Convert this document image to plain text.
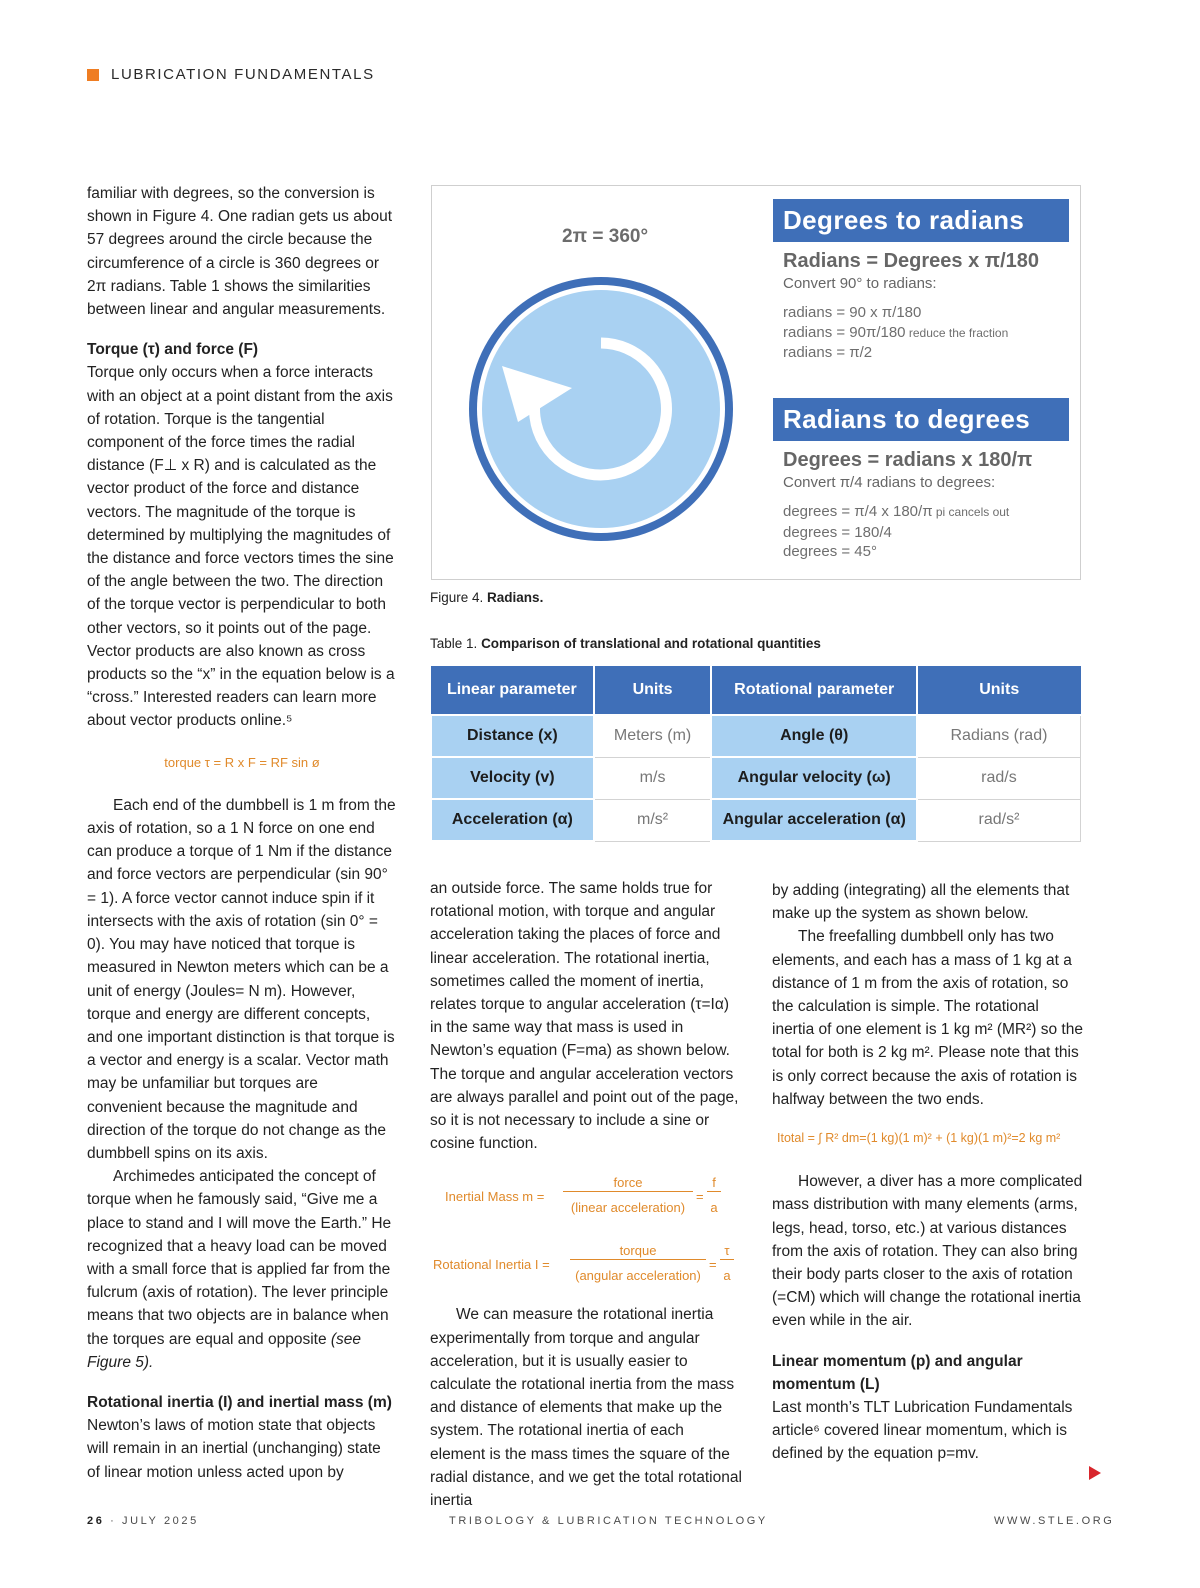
LUBRICATION FUNDAMENTALS

familiar with degrees, so the conversion is shown in Figure 4. One radian gets us about 57 degrees around the circle because the circumference of a circle is 360 degrees or 2π radians. Table 1 shows the similarities between linear and angular measurements.

Torque (τ) and force (F)

Torque only occurs when a force interacts with an object at a point distant from the axis of rotation. Torque is the tangential component of the force times the radial distance (F⊥ x R) and is calculated as the vector product of the force and distance vectors. The magnitude of the torque is determined by multiplying the magnitudes of the distance and force vectors times the sine of the angle between the two. The direction of the torque vector is perpendicular to both other vectors, so it points out of the page. Vector products are also known as cross products so the “x” in the equation below is a “cross.” Interested readers can learn more about vector products online.⁵

torque τ = R x F = RF sin ø

Each end of the dumbbell is 1 m from the axis of rotation, so a 1 N force on one end can produce a torque of 1 Nm if the distance and force vectors are perpendicular (sin 90° = 1). A force vector cannot induce spin if it intersects with the axis of rotation (sin 0° = 0). You may have noticed that torque is measured in Newton meters which can be a unit of energy (Joules= N m). However, torque and energy are different concepts, and one important distinction is that torque is a vector and energy is a scalar. Vector math may be unfamiliar but torques are convenient because the magnitude and direction of the torque do not change as the dumbbell spins on its axis.

Archimedes anticipated the concept of torque when he famously said, “Give me a place to stand and I will move the Earth.” He recognized that a heavy load can be moved with a small force that is applied far from the fulcrum (axis of rotation). The lever principle means that two objects are in balance when the torques are equal and opposite (see Figure 5).

Rotational inertia (I) and inertial mass (m)

Newton’s laws of motion state that objects will remain in an inertial (unchanging) state of linear motion unless acted upon by

2π = 360°
Degrees to radians
Radians = Degrees x π/180
Convert 90° to radians:
radians = 90 x π/180
radians = 90π/180 reduce the fraction
radians = π/2
Radians to degrees
Degrees = radians x 180/π
Convert π/4 radians to degrees:
degrees = π/4 x 180/π pi cancels out
degrees = 180/4
degrees = 45°
Figure 4. Radians.
Table 1. Comparison of translational and rotational quantities
Linear parameter	Units	Rotational parameter	Units
Distance (x)	Meters (m)	Angle (θ)	Radians (rad)
Velocity (v)	m/s	Angular velocity (ω)	rad/s
Acceleration (α)	m/s²	Angular acceleration (α)	rad/s²

an outside force. The same holds true for rotational motion, with torque and angular acceleration taking the places of force and linear acceleration. The rotational inertia, sometimes called the moment of inertia, relates torque to angular acceleration (τ=Iα) in the same way that mass is used in Newton’s equation (F=ma) as shown below. The torque and angular acceleration vectors are always parallel and point out of the page, so it is not necessary to include a sine or cosine function.

Inertial Mass m =
force
(linear acceleration)
=
f
a
Rotational Inertia I =
torque
(angular acceleration)
=
τ
a

We can measure the rotational inertia experimentally from torque and angular acceleration, but it is usually easier to calculate the rotational inertia from the mass and distance of elements that make up the system. The rotational inertia of each element is the mass times the square of the radial distance, and we get the total rotational inertia

by adding (integrating) all the elements that make up the system as shown below.

The freefalling dumbbell only has two elements, and each has a mass of 1 kg at a distance of 1 m from the axis of rotation, so the calculation is simple. The rotational inertia of one element is 1 kg m² (MR²) so the total for both is 2 kg m². Please note that this is only correct because the axis of rotation is halfway between the two ends.

Itotal = ∫ R² dm=(1 kg)(1 m)² + (1 kg)(1 m)²=2 kg m²

However, a diver has a more complicated mass distribution with many elements (arms, legs, head, torso, etc.) at various distances from the axis of rotation. They can also bring their body parts closer to the axis of rotation (=CM) which will change the rotational inertia even while in the air.

Linear momentum (p) and angular momentum (L)

Last month’s TLT Lubrication Fundamentals article⁶ covered linear momentum, which is defined by the equation p=mv.

26 · JULY 2025	TRIBOLOGY & LUBRICATION TECHNOLOGY	WWW.STLE.ORG
